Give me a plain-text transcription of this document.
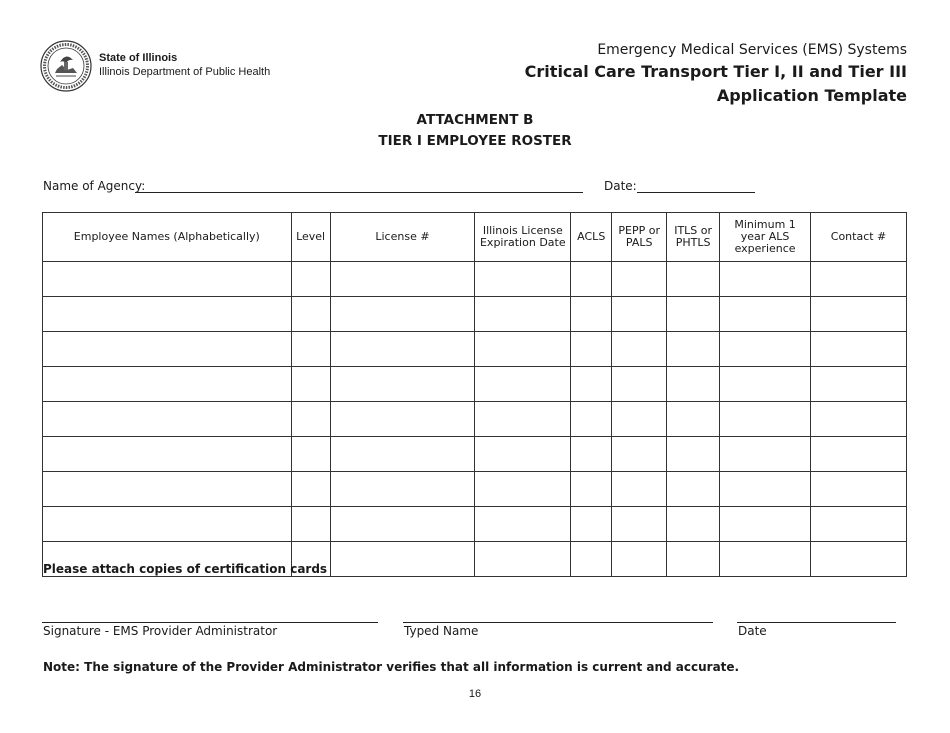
State of Illinois
Illinois Department of Public Health
Emergency Medical Services (EMS) Systems
Critical Care Transport Tier I, II and Tier III
Application Template
ATTACHMENT B
TIER I EMPLOYEE ROSTER
Name of Agency:	Date:
Employee Names (Alphabetically)	Level	License #	Illinois License Expiration Date	ACLS	PEPP or PALS	ITLS or PHTLS	Minimum 1 year ALS experience	Contact #

Please attach copies of certification cards
Signature - EMS Provider Administrator	Typed Name	Date
Note: The signature of the Provider Administrator verifies that all information is current and accurate.
16
